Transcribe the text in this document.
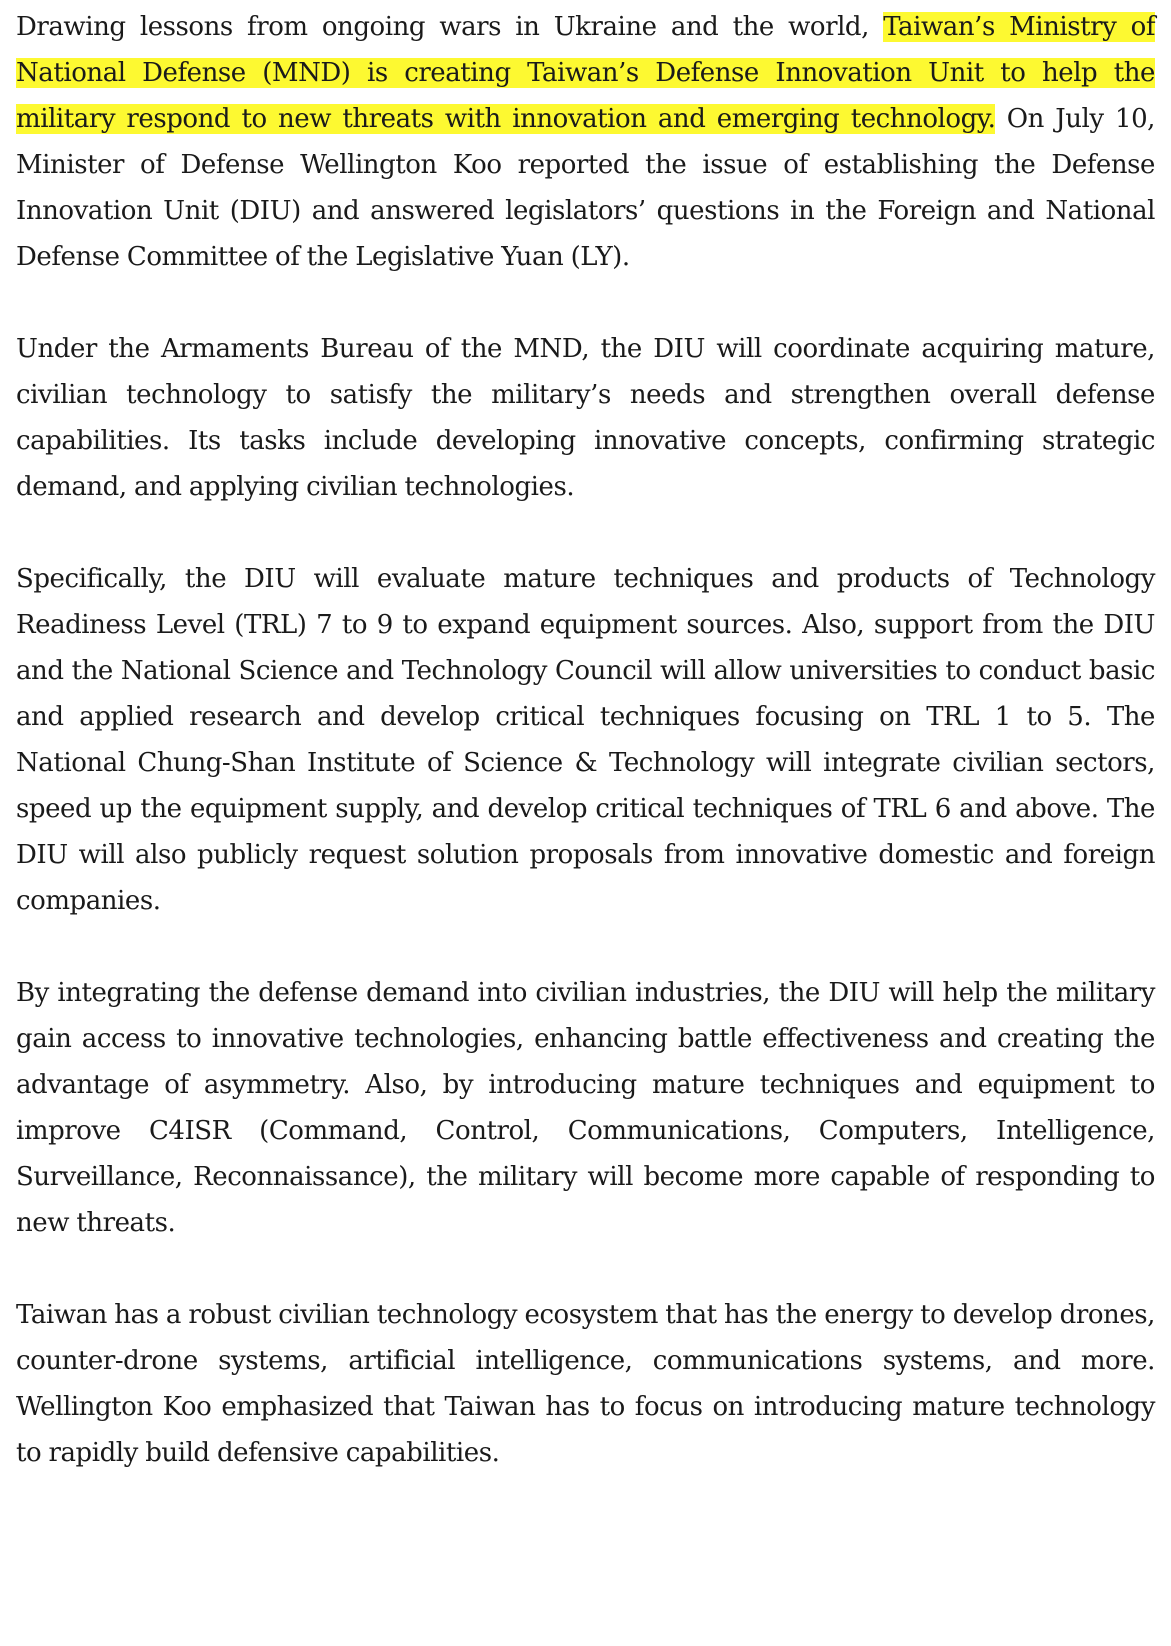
Drawing lessons from ongoing wars in Ukraine and the world, Taiwan’s Ministry of National Defense (MND) is creating Taiwan’s Defense Innovation Unit to help the military respond to new threats with innovation and emerging technology. On July 10, Minister of Defense Wellington Koo reported the issue of establishing the Defense Innovation Unit (DIU) and answered legislators’ questions in the Foreign and National Defense Committee of the Legislative Yuan (LY).

Under the Armaments Bureau of the MND, the DIU will coordinate acquiring mature, civilian technology to satisfy the military’s needs and strengthen overall defense capabilities. Its tasks include developing innovative concepts, confirming strategic demand, and applying civilian technologies.

Specifically, the DIU will evaluate mature techniques and products of Technology Readiness Level (TRL) 7 to 9 to expand equipment sources. Also, support from the DIU and the National Science and Technology Council will allow universities to conduct basic and applied research and develop critical techniques focusing on TRL 1 to 5. The National Chung-Shan Institute of Science & Technology will integrate civilian sectors, speed up the equipment supply, and develop critical techniques of TRL 6 and above. The DIU will also publicly request solution proposals from innovative domestic and foreign companies.

By integrating the defense demand into civilian industries, the DIU will help the military gain access to innovative technologies, enhancing battle effectiveness and creating the advantage of asymmetry. Also, by introducing mature techniques and equipment to improve C4ISR (Command, Control, Communications, Computers, Intelligence, Surveillance, Reconnaissance), the military will become more capable of responding to new threats.

Taiwan has a robust civilian technology ecosystem that has the energy to develop drones, counter-drone systems, artificial intelligence, communications systems, and more. Wellington Koo emphasized that Taiwan has to focus on introducing mature technology to rapidly build defensive capabilities.
